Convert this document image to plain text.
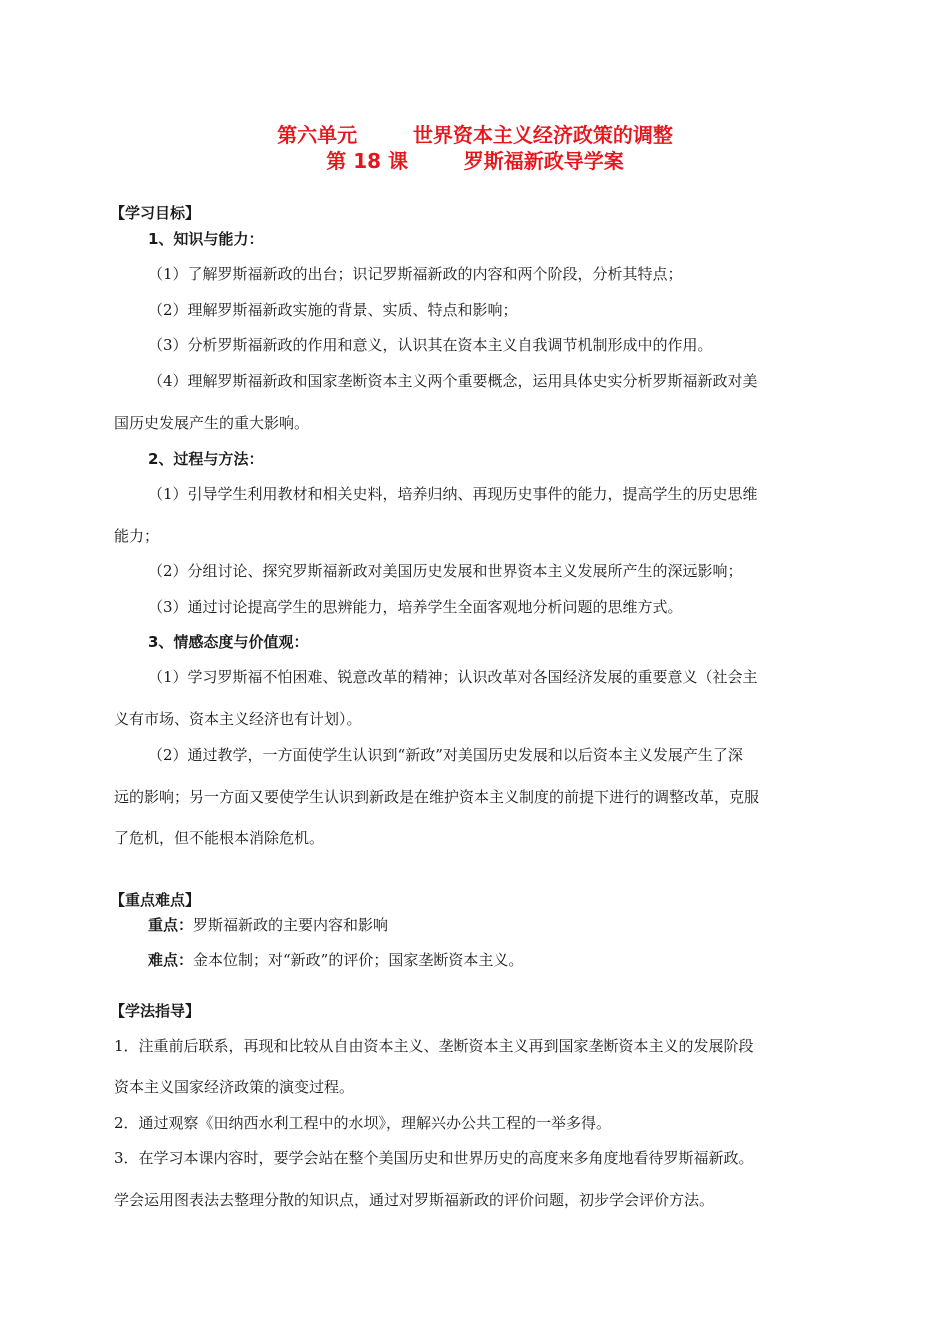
第六单元        世界资本主义经济政策的调整
第 18 课        罗斯福新政导学案
【学习目标】
1、知识与能力：
（1）了解罗斯福新政的出台；识记罗斯福新政的内容和两个阶段，分析其特点；
（2）理解罗斯福新政实施的背景、实质、特点和影响；
（3）分析罗斯福新政的作用和意义，认识其在资本主义自我调节机制形成中的作用。
（4）理解罗斯福新政和国家垄断资本主义两个重要概念，运用具体史实分析罗斯福新政对美
国历史发展产生的重大影响。
2、过程与方法：
（1）引导学生利用教材和相关史料，培养归纳、再现历史事件的能力，提高学生的历史思维
能力；
（2）分组讨论、探究罗斯福新政对美国历史发展和世界资本主义发展所产生的深远影响；
（3）通过讨论提高学生的思辨能力，培养学生全面客观地分析问题的思维方式。
3、情感态度与价值观：
（1）学习罗斯福不怕困难、锐意改革的精神；认识改革对各国经济发展的重要意义（社会主
义有市场、资本主义经济也有计划）。
（2）通过教学，一方面使学生认识到“新政”对美国历史发展和以后资本主义发展产生了深
远的影响；另一方面又要使学生认识到新政是在维护资本主义制度的前提下进行的调整改革，克服
了危机，但不能根本消除危机。
【重点难点】
重点：罗斯福新政的主要内容和影响
难点：金本位制；对“新政”的评价；国家垄断资本主义。
【学法指导】
1．注重前后联系，再现和比较从自由资本主义、垄断资本主义再到国家垄断资本主义的发展阶段
资本主义国家经济政策的演变过程。
2．通过观察《田纳西水利工程中的水坝》，理解兴办公共工程的一举多得。
3．在学习本课内容时，要学会站在整个美国历史和世界历史的高度来多角度地看待罗斯福新政。
学会运用图表法去整理分散的知识点，通过对罗斯福新政的评价问题，初步学会评价方法。
